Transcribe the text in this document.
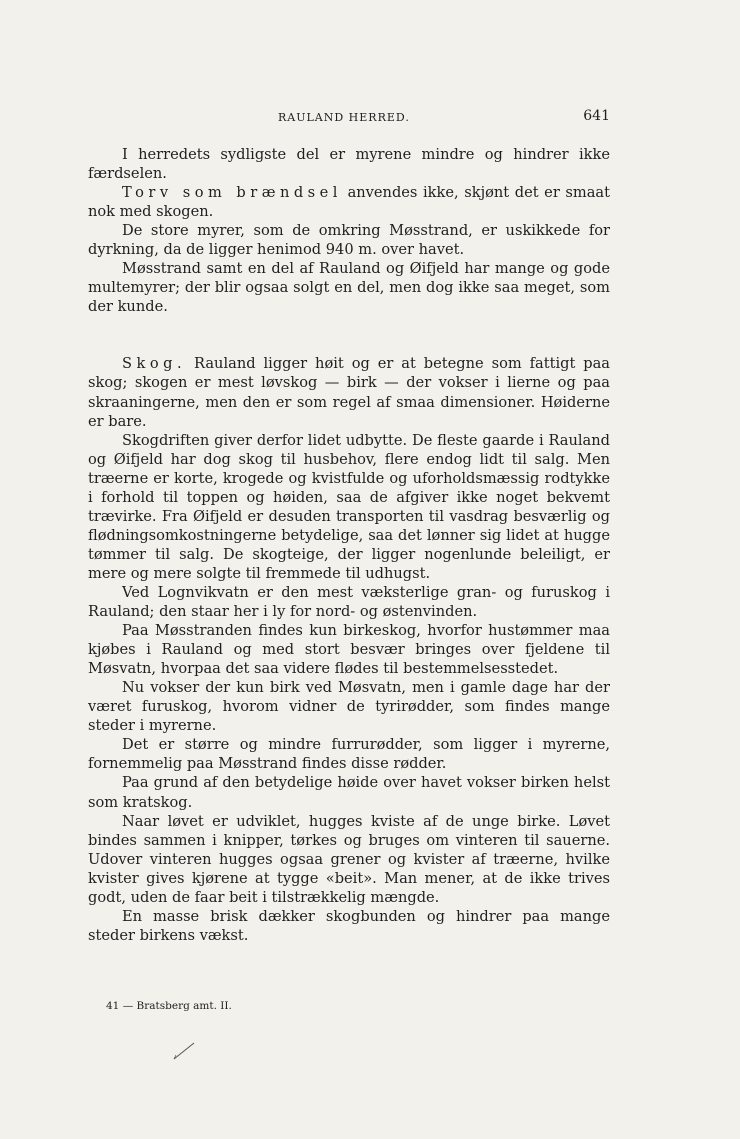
RAULAND HERRED.	641

I herredets sydligste del er myrene mindre og hindrer ikke færdselen.

Torv som brændsel anvendes ikke, skjønt det er smaat nok med skogen.

De store myrer, som de omkring Møsstrand, er uskikkede for dyrkning, da de ligger henimod 940 m. over havet.

Møsstrand samt en del af Rauland og Øifjeld har mange og gode multemyrer; der blir ogsaa solgt en del, men dog ikke saa meget, som der kunde.

Skog. Rauland ligger høit og er at betegne som fattigt paa skog; skogen er mest løvskog — birk — der vokser i lierne og paa skraaningerne, men den er som regel af smaa dimensioner. Høiderne er bare.

Skogdriften giver derfor lidet udbytte. De fleste gaarde i Rauland og Øifjeld har dog skog til husbehov, flere endog lidt til salg. Men træerne er korte, krogede og kvistfulde og uforholdsmæssig rodtykke i forhold til toppen og høiden, saa de afgiver ikke noget bekvemt trævirke. Fra Øifjeld er desuden transporten til vasdrag besværlig og flødningsomkostningerne betydelige, saa det lønner sig lidet at hugge tømmer til salg. De skogteige, der ligger nogenlunde beleiligt, er mere og mere solgte til fremmede til udhugst.

Ved Lognvikvatn er den mest væksterlige gran- og furuskog i Rauland; den staar her i ly for nord- og østenvinden.

Paa Møsstranden findes kun birkeskog, hvorfor hustømmer maa kjøbes i Rauland og med stort besvær bringes over fjeldene til Møsvatn, hvorpaa det saa videre flødes til bestemmelsesstedet.

Nu vokser der kun birk ved Møsvatn, men i gamle dage har der været furuskog, hvorom vidner de tyrirødder, som findes mange steder i myrerne.

Det er større og mindre furrurødder, som ligger i myrerne, fornemmelig paa Møsstrand findes disse rødder.

Paa grund af den betydelige høide over havet vokser birken helst som kratskog.

Naar løvet er udviklet, hugges kviste af de unge birke. Løvet bindes sammen i knipper, tørkes og bruges om vinteren til sauerne. Udover vinteren hugges ogsaa grener og kvister af træerne, hvilke kvister gives kjørene at tygge «beit». Man mener, at de ikke trives godt, uden de faar beit i tilstrækkelig mængde.

En masse brisk dækker skogbunden og hindrer paa mange steder birkens vækst.

41 — Bratsberg amt. II.
